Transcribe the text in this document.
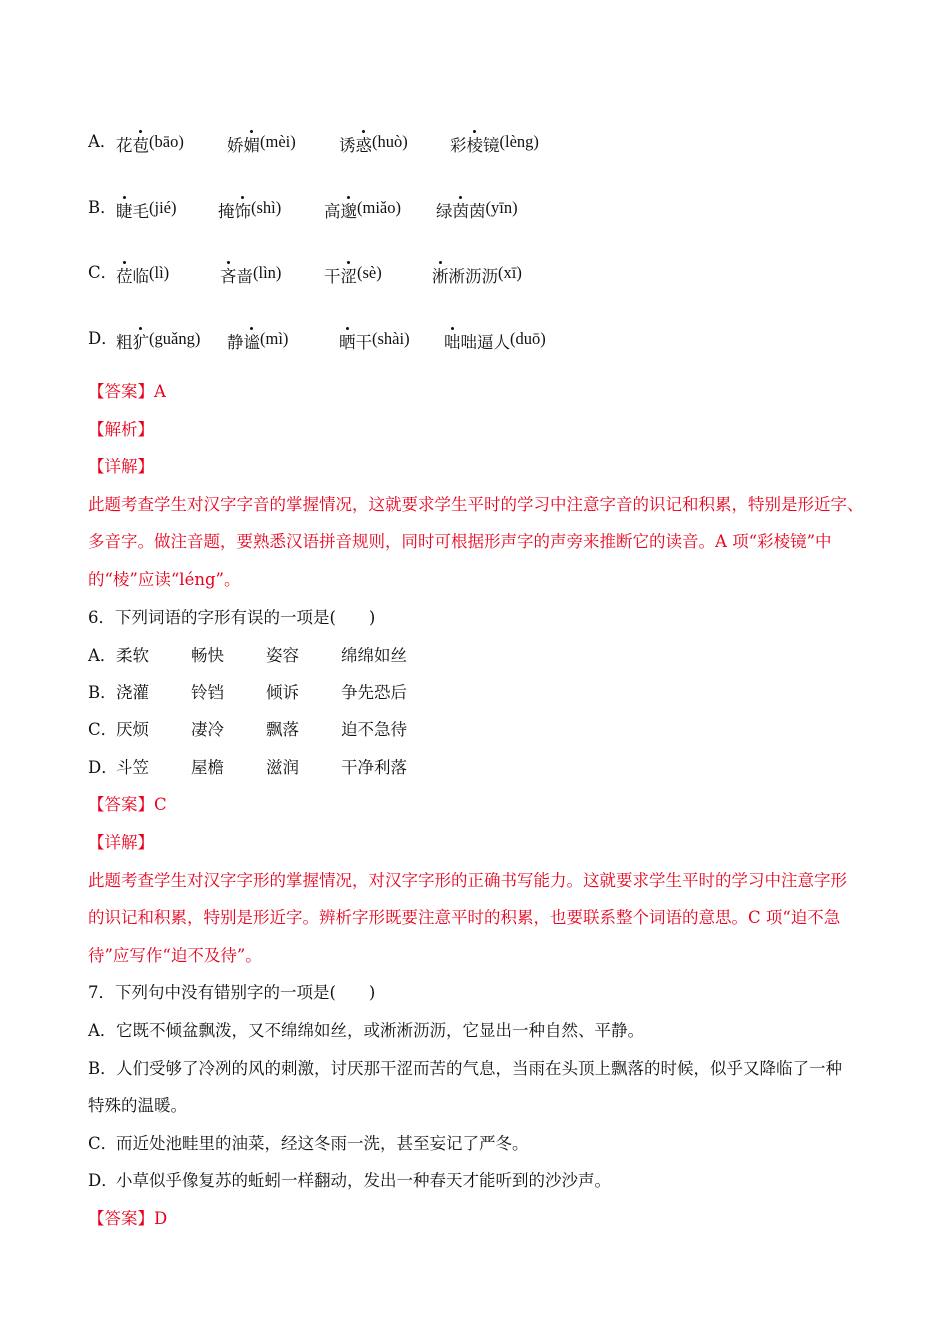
A． 花苞(bāo)	娇媚(mèi)	诱惑(huò)	彩棱镜(lèng)
B． 睫毛(jié)	掩饰(shì)	高邈(miǎo) 绿茵茵(yīn)
C．
莅临(lì)	吝啬(lìn)	干涩(sè)	淅淅沥沥(xī)
D．
粗犷(guǎng) 静谧(mì)	晒干(shài) 咄咄逼人(duō)
【答案】A
【解析】
【详解】
此题考查学生对汉字字音的掌握情况，这就要求学生平时的学习中注意字音的识记和积累，特别是形近字、
多音字。做注音题，要熟悉汉语拼音规则，同时可根据形声字的声旁来推断它的读音。A 项“彩棱镜”中
的“棱”应读“léng”。
6．下列词语的字形有误的一项是(　　)
A． 柔软	畅快	姿容	绵绵如丝
B． 浇灌	铃铛	倾诉	争先恐后
C．
厌烦	凄冷	飘落	迫不急待
D．
斗笠	屋檐	滋润	干净利落
【答案】C
【详解】
此题考查学生对汉字字形的掌握情况，对汉字字形的正确书写能力。这就要求学生平时的学习中注意字形
的识记和积累，特别是形近字。辨析字形既要注意平时的积累，也要联系整个词语的意思。C 项“迫不急
待”应写作“迫不及待”。
7．下列句中没有错别字的一项是(　　)
A．它既不倾盆飘泼，又不绵绵如丝，或淅淅沥沥，它显出一种自然、平静。
B．人们受够了冷冽的风的刺激，讨厌那干涩而苦的气息，当雨在头顶上飘落的时候，似乎又降临了一种
特殊的温暖。
C．而近处池畦里的油菜，经这冬雨一洗，甚至妄记了严冬。
D．小草似乎像复苏的蚯蚓一样翻动，发出一种春天才能听到的沙沙声。
【答案】D
